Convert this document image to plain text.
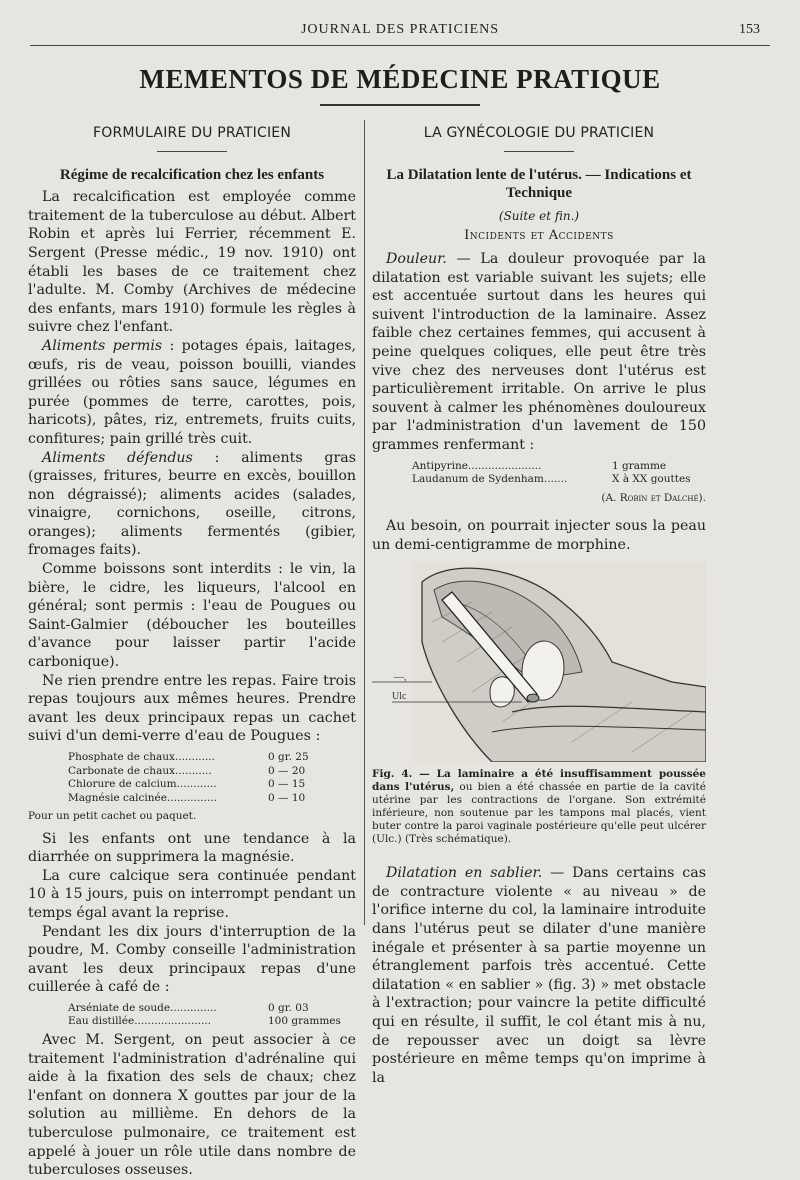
JOURNAL DES PRATICIENS	153
MEMENTOS DE MÉDECINE PRATIQUE
FORMULAIRE DU PRATICIEN
Régime de recalcification chez les enfants

La recalcification est employée comme traitement de la tuberculose au début. Albert Robin et après lui Ferrier, récemment E. Sergent (Presse médic., 19 nov. 1910) ont établi les bases de ce traitement chez l'adulte. M. Comby (Archives de médecine des enfants, mars 1910) formule les règles à suivre chez l'enfant.

Aliments permis : potages épais, laitages, œufs, ris de veau, poisson bouilli, viandes grillées ou rôties sans sauce, légumes en purée (pommes de terre, carottes, pois, haricots), pâtes, riz, entremets, fruits cuits, confitures; pain grillé très cuit.

Aliments défendus : aliments gras (graisses, fritures, beurre en excès, bouillon non dégraissé); aliments acides (salades, vinaigre, cornichons, oseille, citrons, oranges); aliments fermentés (gibier, fromages faits).

Comme boissons sont interdits : le vin, la bière, le cidre, les liqueurs, l'alcool en général; sont permis : l'eau de Pougues ou Saint-Galmier (déboucher les bouteilles d'avance pour laisser partir l'acide carbonique).

Ne rien prendre entre les repas. Faire trois repas toujours aux mêmes heures. Prendre avant les deux principaux repas un cachet suivi d'un demi-verre d'eau de Pougues :

Phosphate de chaux............	0 gr. 25
Carbonate de chaux...........	0 — 20
Chlorure de calcium............	0 — 15
Magnésie calcinée...............	0 — 10
Pour un petit cachet ou paquet.

Si les enfants ont une tendance à la diarrhée on supprimera la magnésie.

La cure calcique sera continuée pendant 10 à 15 jours, puis on interrompt pendant un temps égal avant la reprise.

Pendant les dix jours d'interruption de la poudre, M. Comby conseille l'administration avant les deux principaux repas d'une cuillerée à café de :

Arséniate de soude..............	0 gr. 03
Eau distillée.......................	100 grammes

Avec M. Sergent, on peut associer à ce traitement l'administration d'adrénaline qui aide à la fixation des sels de chaux; chez l'enfant on donnera X gouttes par jour de la solution au millième. En dehors de la tuberculose pulmonaire, ce traitement est appelé à jouer un rôle utile dans nombre de tuberculoses osseuses.

LA GYNÉCOLOGIE DU PRATICIEN
La Dilatation lente de l'utérus. — Indications et Technique
(Suite et fin.)
Incidents et Accidents

Douleur. — La douleur provoquée par la dilatation est variable suivant les sujets; elle est accentuée surtout dans les heures qui suivent l'introduction de la laminaire. Assez faible chez certaines femmes, qui accusent à peine quelques coliques, elle peut être très vive chez des nerveuses dont l'utérus est particulièrement irritable. On arrive le plus souvent à calmer les phénomènes douloureux par l'administration d'un lavement de 150 grammes renfermant :

Antipyrine......................	1 gramme
Laudanum de Sydenham.......	X à XX gouttes
(A. Robin et Dalché).

Au besoin, on pourrait injecter sous la peau un demi-centigramme de morphine.

—,
Ulc
Fig. 4. — La laminaire a été insuffisamment poussée dans l'utérus, ou bien a été chassée en partie de la cavité utérine par les contractions de l'organe. Son extrémité inférieure, non soutenue par les tampons mal placés, vient buter contre la paroi vaginale postérieure qu'elle peut ulcérer (Ulc.) (Très schématique).

Dilatation en sablier. — Dans certains cas de contracture violente « au niveau » de l'orifice interne du col, la laminaire introduite dans l'utérus peut se dilater d'une manière inégale et présenter à sa partie moyenne un étranglement parfois très accentué. Cette dilatation « en sablier » (fig. 3) » met obstacle à l'extraction; pour vaincre la petite difficulté qui en résulte, il suffit, le col étant mis à nu, de repousser avec un doigt sa lèvre postérieure en même temps qu'on imprime à la
